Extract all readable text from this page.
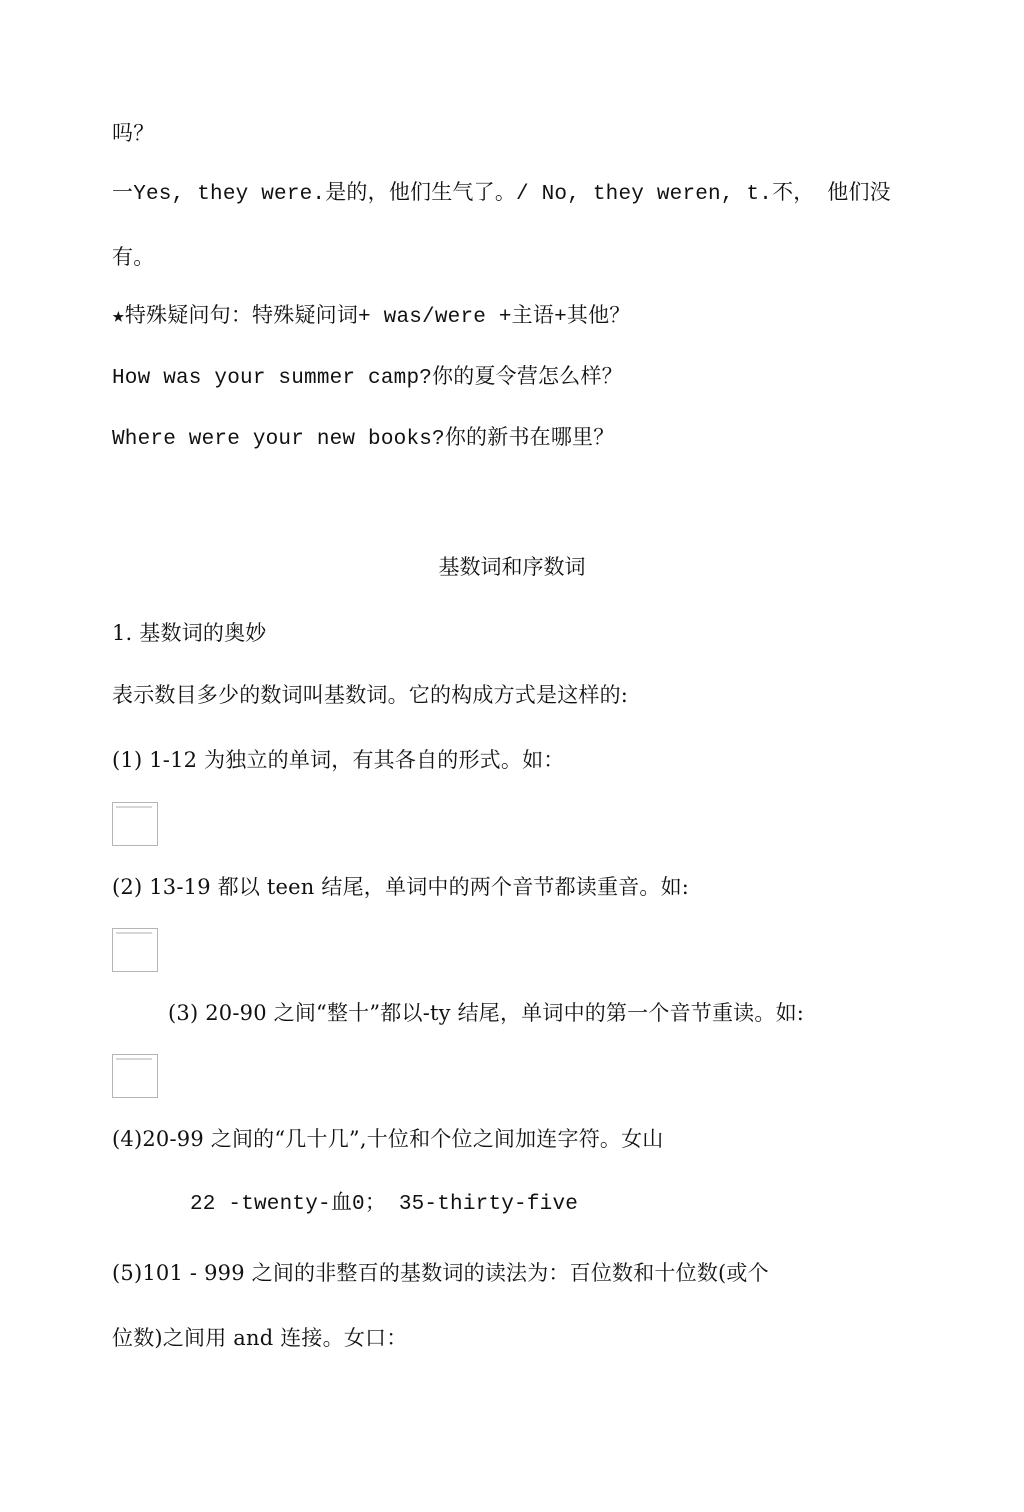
吗？
一Yes, they were.是的，他们生气了。/ No, they weren, t.不， 他们没
有。
★特殊疑问句：特殊疑问词+ was/were +主语+其他？
How was your summer camp?你的夏令营怎么样？
Where were your new books?你的新书在哪里？
基数词和序数词
1. 基数词的奥妙
表示数目多少的数词叫基数词。它的构成方式是这样的:
(1) 1-12 为独立的单词，有其各自的形式。如：
(2) 13-19 都以 teen 结尾，单词中的两个音节都读重音。如:
(3) 20-90 之间“整十”都以-ty 结尾，单词中的第一个音节重读。如:
(4)20-99 之间的“几十几”,十位和个位之间加连字符。女山
22 -twenty-血0； 35-thirty-five
(5)101 - 999 之间的非整百的基数词的读法为：百位数和十位数(或个
位数)之间用 and 连接。女口：
